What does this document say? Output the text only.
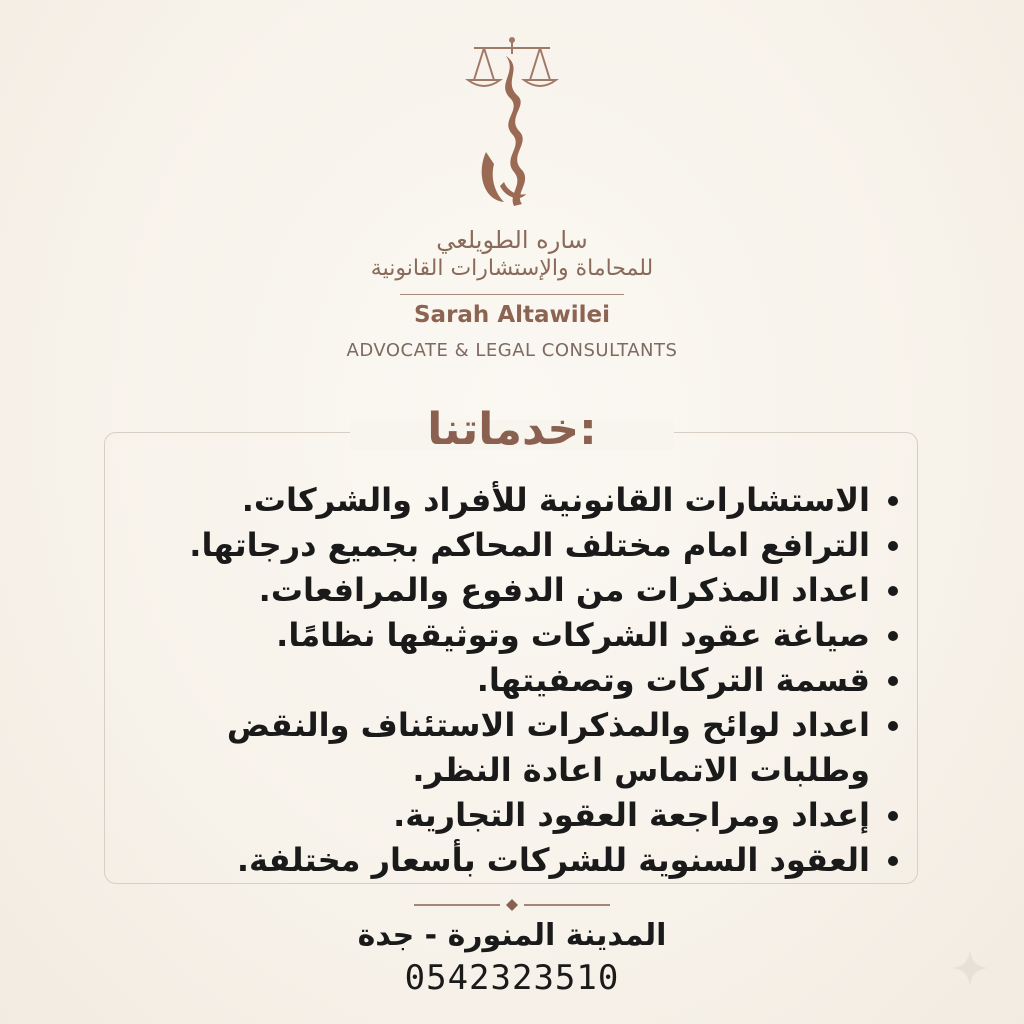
ساره الطويلعي
للمحاماة والإستشارات القانونية
Sarah Altawilei
ADVOCATE & LEGAL CONSULTANTS
خدماتنا:
الاستشارات القانونية للأفراد والشركات.
الترافع امام مختلف المحاكم بجميع درجاتها.
اعداد المذكرات من الدفوع والمرافعات.
صياغة عقود الشركات وتوثيقها نظامًا.
قسمة التركات وتصفيتها.
اعداد لوائح والمذكرات الاستئناف والنقض وطلبات الاتماس اعادة النظر.
إعداد ومراجعة العقود التجارية.
العقود السنوية للشركات بأسعار مختلفة.
المدينة المنورة - جدة
0542323510
